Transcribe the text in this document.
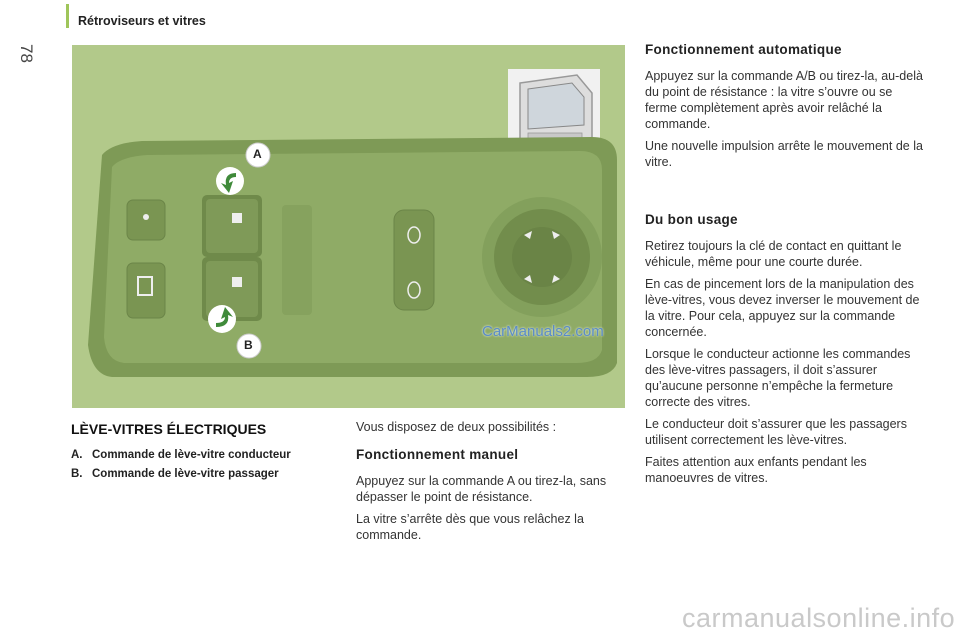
Rétroviseurs et vitres
78
A
B
CarManuals2.com
LÈVE-VITRES ÉLECTRIQUES
A. Commande de lève-vitre conducteur
B. Commande de lève-vitre passager

Vous disposez de deux possibilités :

Fonctionnement manuel

Appuyez sur la commande A ou tirez-la, sans dépasser le point de résistance.

La vitre s’arrête dès que vous relâchez la commande.

Fonctionnement automatique

Appuyez sur la commande A/B ou tirez-la, au-delà du point de résistance : la vitre s’ouvre ou se ferme complètement après avoir relâché la commande.

Une nouvelle impulsion arrête le mouvement de la vitre.

Du bon usage

Retirez toujours la clé de contact en quittant le véhicule, même pour une courte durée.

En cas de pincement lors de la manipulation des lève-vitres, vous devez inverser le mouvement de la vitre. Pour cela, appuyez sur la commande concernée.

Lorsque le conducteur actionne les commandes des lève-vitres passagers, il doit s’assurer qu’aucune personne n’empêche la fermeture correcte des vitres.

Le conducteur doit s’assurer que les passagers utilisent correctement les lève-vitres.

Faites attention aux enfants pendant les manoeuvres de vitres.

carmanualsonline.info
